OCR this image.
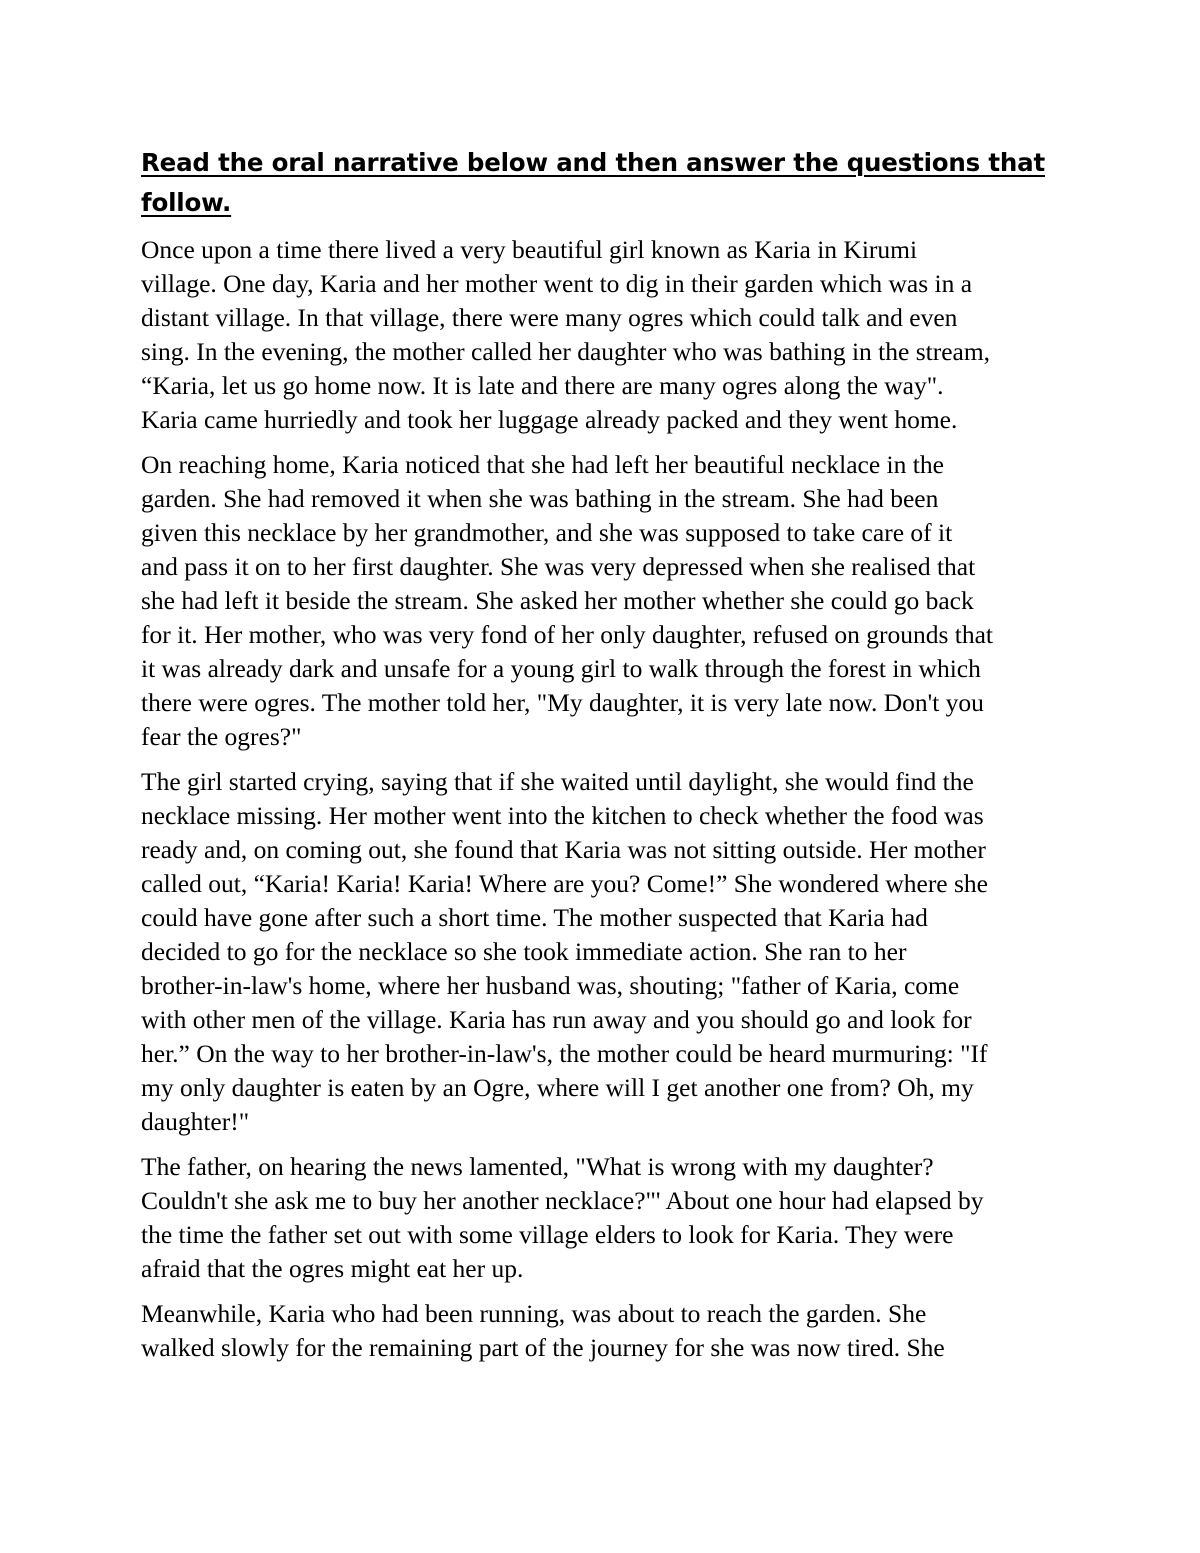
Read the oral narrative below and then answer the questions that follow.

Once upon a time there lived a very beautiful girl known as Karia in Kirumi
village. One day, Karia and her mother went to dig in their garden which was in a
distant village. In that village, there were many ogres which could talk and even
sing. In the evening, the mother called her daughter who was bathing in the stream,
“Karia, let us go home now. It is late and there are many ogres along the way".
Karia came hurriedly and took her luggage already packed and they went home.

On reaching home, Karia noticed that she had left her beautiful necklace in the
garden. She had removed it when she was bathing in the stream. She had been
given this necklace by her grandmother, and she was supposed to take care of it
and pass it on to her first daughter. She was very depressed when she realised that
she had left it beside the stream. She asked her mother whether she could go back
for it. Her mother, who was very fond of her only daughter, refused on grounds that
it was already dark and unsafe for a young girl to walk through the forest in which
there were ogres. The mother told her, "My daughter, it is very late now. Don't you
fear the ogres?"

The girl started crying, saying that if she waited until daylight, she would find the
necklace missing. Her mother went into the kitchen to check whether the food was
ready and, on coming out, she found that Karia was not sitting outside. Her mother
called out, “Karia! Karia! Karia! Where are you? Come!” She wondered where she
could have gone after such a short time. The mother suspected that Karia had
decided to go for the necklace so she took immediate action. She ran to her
brother-in-law's home, where her husband was, shouting; "father of Karia, come
with other men of the village. Karia has run away and you should go and look for
her.” On the way to her brother-in-law's, the mother could be heard murmuring: "If
my only daughter is eaten by an Ogre, where will I get another one from? Oh, my
daughter!"

The father, on hearing the news lamented, "What is wrong with my daughter?
Couldn't she ask me to buy her another necklace?"' About one hour had elapsed by
the time the father set out with some village elders to look for Karia. They were
afraid that the ogres might eat her up.

Meanwhile, Karia who had been running, was about to reach the garden. She
walked slowly for the remaining part of the journey for she was now tired. She
